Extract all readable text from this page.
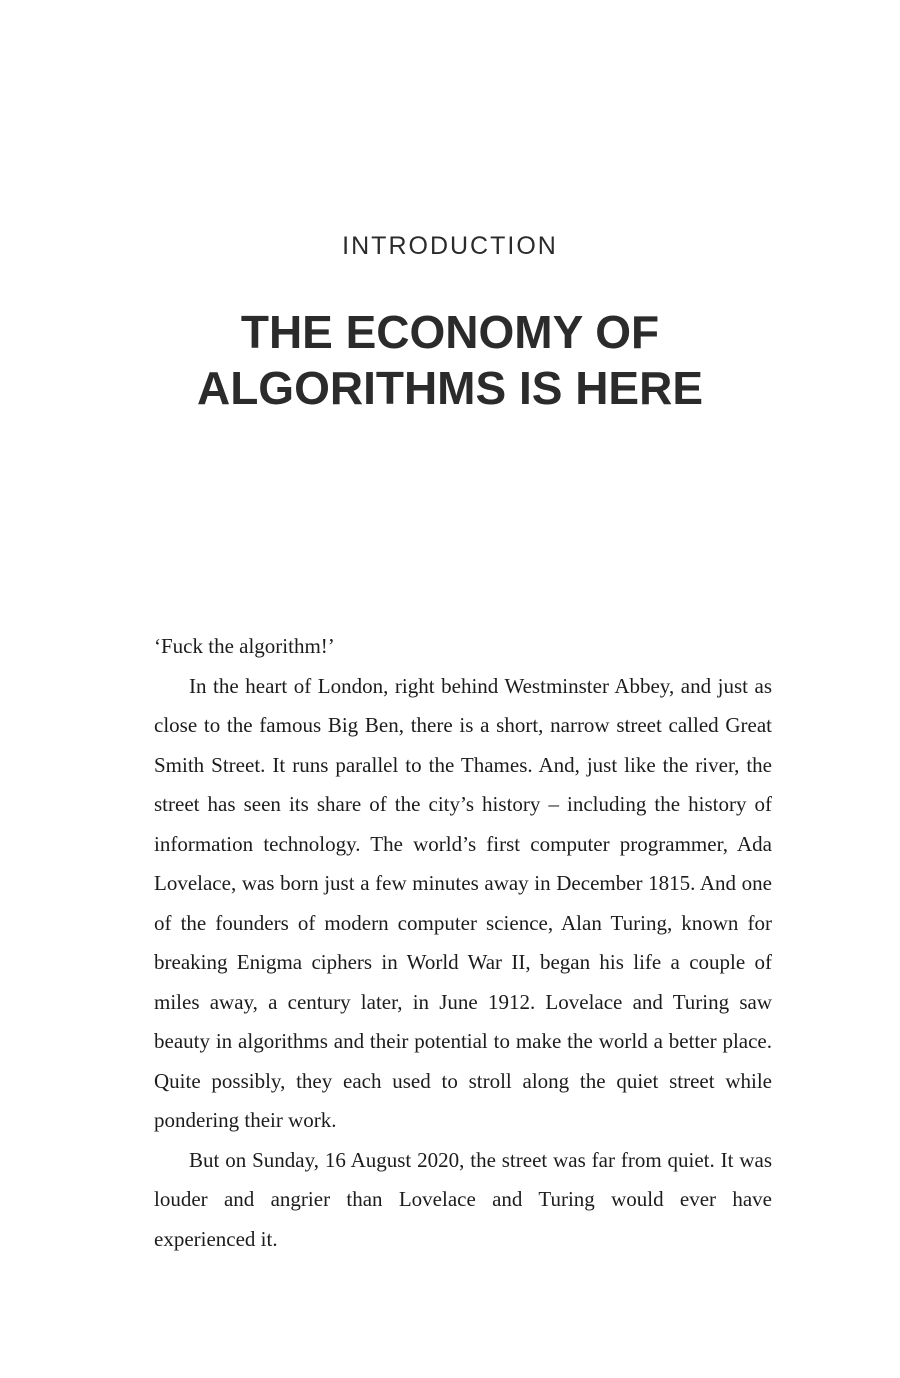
INTRODUCTION
THE ECONOMY OF
ALGORITHMS IS HERE

‘Fuck the algorithm!’

In the heart of London, right behind Westminster Abbey, and just as close to the famous Big Ben, there is a short, narrow street called Great Smith Street. It runs parallel to the Thames. And, just like the river, the street has seen its share of the city’s history – including the history of information technology. The world’s first computer programmer, Ada Lovelace, was born just a few minutes away in December 1815. And one of the founders of modern computer science, Alan Turing, known for breaking Enigma ciphers in World War II, began his life a couple of miles away, a century later, in June 1912. Lovelace and Turing saw beauty in algorithms and their potential to make the world a better place. Quite possibly, they each used to stroll along the quiet street while pondering their work.

But on Sunday, 16 August 2020, the street was far from quiet. It was louder and angrier than Lovelace and Turing would ever have experienced it.
